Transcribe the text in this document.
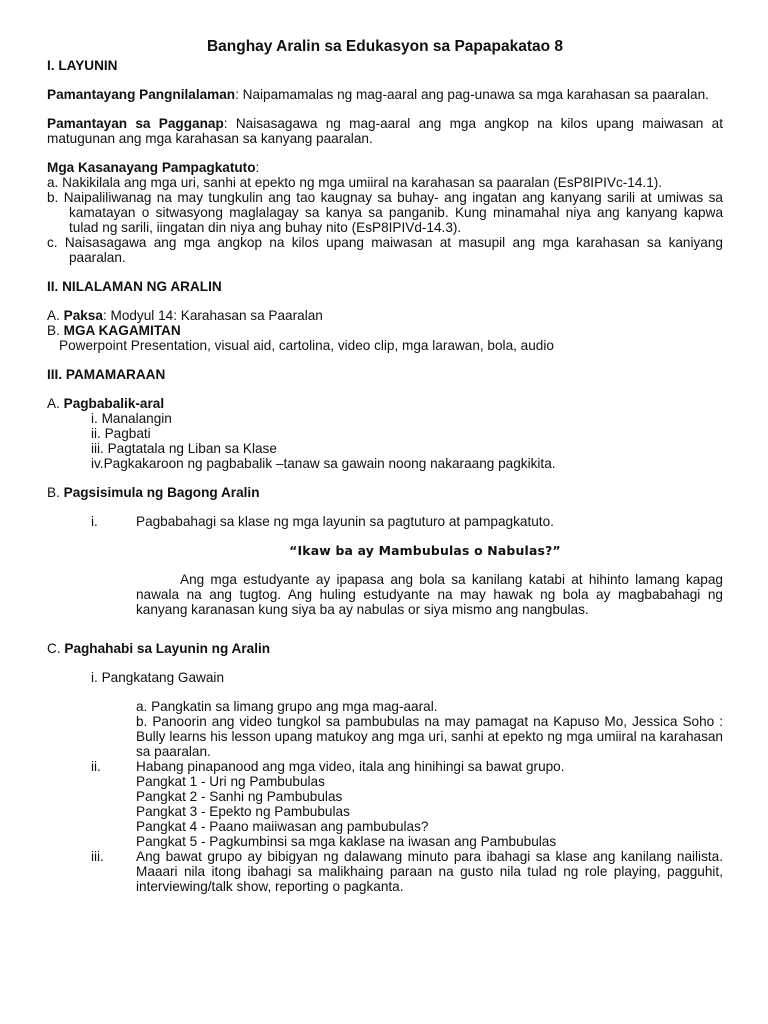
Banghay Aralin sa Edukasyon sa Papapakatao 8

I. LAYUNIN

Pamantayang Pangnilalaman: Naipamamalas ng mag-aaral ang pag-unawa sa mga karahasan sa paaralan.

Pamantayan sa Pagganap: Naisasagawa ng mag-aaral ang mga angkop na kilos upang maiwasan at matugunan ang mga karahasan sa kanyang paaralan.

Mga Kasanayang Pampagkatuto:

a. Nakikilala ang mga uri, sanhi at epekto ng mga umiiral na karahasan sa paaralan (EsP8IPIVc-14.1).

b. Naipaliliwanag na may tungkulin ang tao kaugnay sa buhay- ang ingatan ang kanyang sarili at umiwas sa kamatayan o sitwasyong maglalagay sa kanya sa panganib. Kung minamahal niya ang kanyang kapwa tulad ng sarili, iingatan din niya ang buhay nito (EsP8IPIVd-14.3).

c. Naisasagawa ang mga angkop na kilos upang maiwasan at masupil ang mga karahasan sa kaniyang paaralan.

II. NILALAMAN NG ARALIN

A. Paksa: Modyul 14: Karahasan sa Paaralan

B. MGA KAGAMITAN

Powerpoint Presentation, visual aid, cartolina, video clip, mga larawan, bola, audio

III. PAMAMARAAN

A. Pagbabalik-aral

i. Manalangin

ii. Pagbati

iii. Pagtatala ng Liban sa Klase

iv.Pagkakaroon ng pagbabalik –tanaw sa gawain noong nakaraang pagkikita.

B. Pagsisimula ng Bagong Aralin

i.	Pagbabahagi sa klase ng mga layunin sa pagtuturo at pampagkatuto.

“Ikaw ba ay Mambubulas o Nabulas?”

Ang mga estudyante ay ipapasa ang bola sa kanilang katabi at hihinto lamang kapag nawala na ang tugtog. Ang huling estudyante na may hawak ng bola ay magbabahagi ng kanyang karanasan kung siya ba ay nabulas or siya mismo ang nangbulas.

C. Paghahabi sa Layunin ng Aralin

i. Pangkatang Gawain

a. Pangkatin sa limang grupo ang mga mag-aaral.

b. Panoorin ang video tungkol sa pambubulas na may pamagat na Kapuso Mo, Jessica Soho : Bully learns his lesson upang matukoy ang mga uri, sanhi at epekto ng mga umiiral na karahasan sa paaralan.

ii.	Habang pinapanood ang mga video, itala ang hinihingi sa bawat grupo.

Pangkat 1 - Uri ng Pambubulas

Pangkat 2 - Sanhi ng Pambubulas

Pangkat 3 - Epekto ng Pambubulas

Pangkat 4 - Paano maiiwasan ang pambubulas?

Pangkat 5 - Pagkumbinsi sa mga kaklase na iwasan ang Pambubulas

iii.	Ang bawat grupo ay bibigyan ng dalawang minuto para ibahagi sa klase ang kanilang nailista.      Maaari nila itong ibahagi sa malikhaing paraan na gusto nila tulad ng role playing, pagguhit, interviewing/talk show, reporting o pagkanta.
